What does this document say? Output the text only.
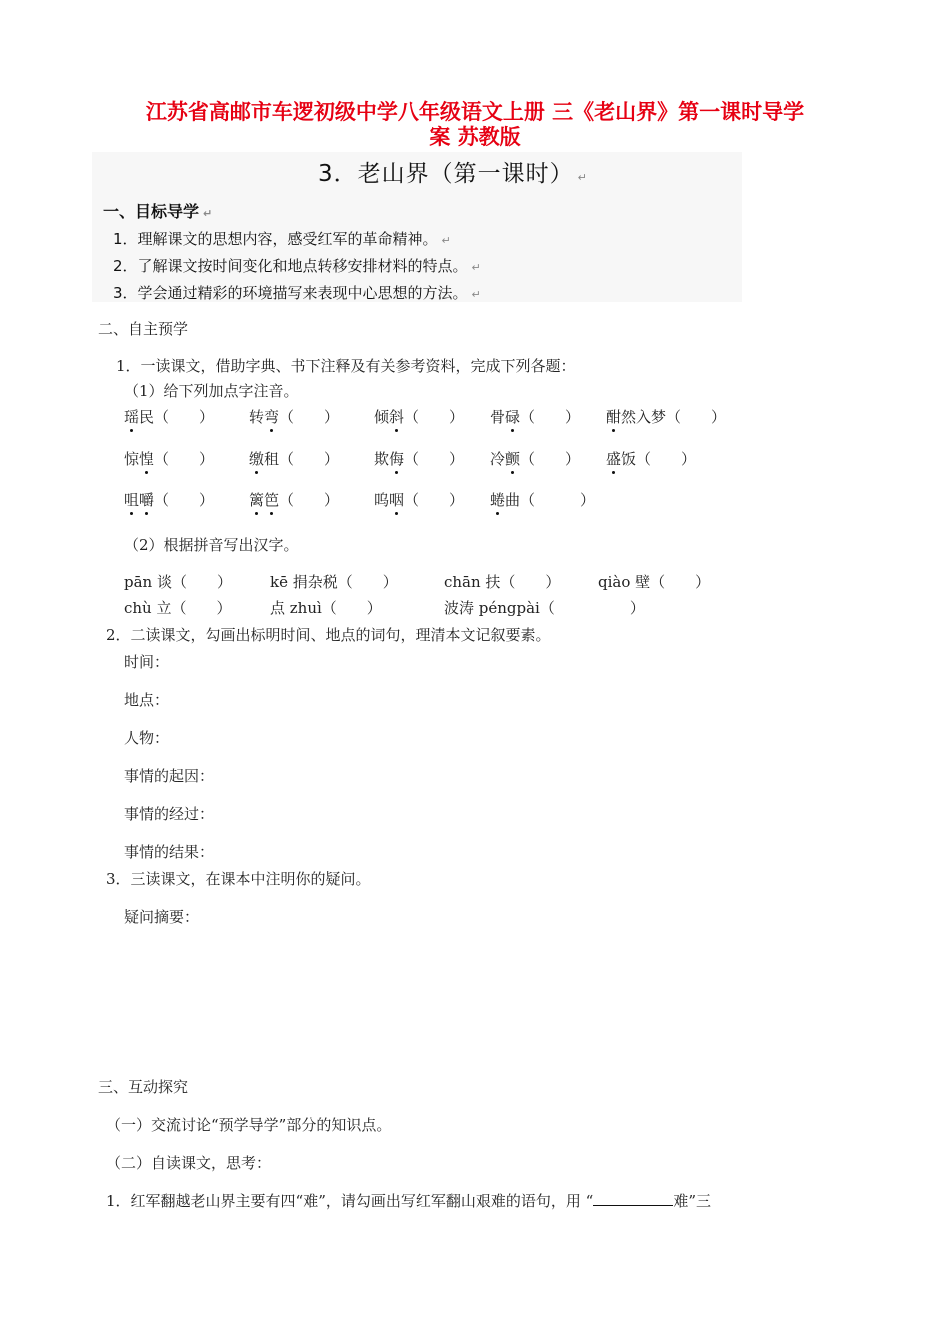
江苏省高邮市车逻初级中学八年级语文上册 三《老山界》第一课时导学
案 苏教版
3．老山界（第一课时） ↵
一、目标导学 ↵
1．理解课文的思想内容，感受红军的革命精神。 ↵
2．了解课文按时间变化和地点转移安排材料的特点。 ↵
3．学会通过精彩的环境描写来表现中心思想的方法。 ↵
二、自主预学
1．一读课文，借助字典、书下注释及有关参考资料，完成下列各题：
（1）给下列加点字注音。
瑶民（　　） 转弯（　　） 倾斜（　　） 骨碌（　　） 酣然入梦（　　）
惊惶（　　） 缴租（　　） 欺侮（　　） 冷颤（　　） 盛饭（　　）
咀嚼（　　） 篱笆（　　） 呜咽（　　） 蜷曲（　　　）
（2）根据拼音写出汉字。
pān 谈（　　）	kē 捐杂税（　　）	chān 扶（　　）	qiào 壁（　　）
chù 立（　　）	点 zhuì（　　）	波涛 péngpài（　　　　　）
2．二读课文，勾画出标明时间、地点的词句，理清本文记叙要素。
时间：
地点：
人物：
事情的起因：
事情的经过：
事情的结果：
3．三读课文，在课本中注明你的疑问。
疑问摘要：
三、互动探究
（一）交流讨论“预学导学”部分的知识点。
（二）自读课文，思考：
1．红军翻越老山界主要有四“难”，请勾画出写红军翻山艰难的语句，用 “	难”三
